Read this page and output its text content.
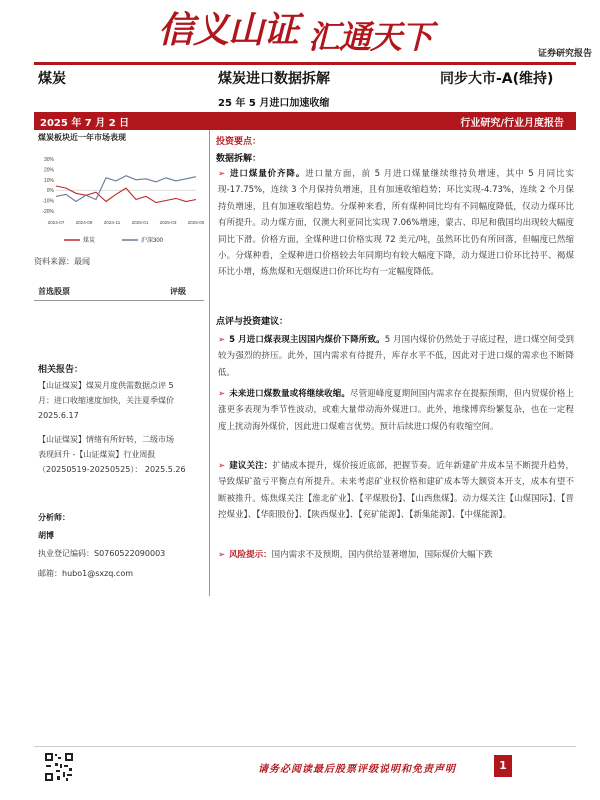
信义山证 汇通天下	证券研究报告
煤炭	煤炭进口数据拆解	同步大市-A(维持)
25 年 5 月进口加速收缩
2025 年 7 月 2 日	行业研究/行业月度报告
煤炭板块近一年市场表现
30%
20%
10%
0%
-10%
-20%
2024-07 2024-09 2024-11 2025-01 2025-03 2025-05
煤炭	沪深300
资料来源：最闻
首选股票	评级
相关报告：
【山证煤炭】煤炭月度供需数据点评 5
月：进口收缩速度加快，关注夏季煤价
2025.6.17
【山证煤炭】情绪有所好转，二级市场
表现回升 -【山证煤炭】行业周报
（20250519-20250525）： 2025.5.26
分析师：
胡博
执业登记编码：S0760522090003
邮箱：hubo1@sxzq.com
投资要点：
数据拆解：
➢ 进口煤量价齐降。进口量方面，前 5 月进口煤量继续维持负增速，其中 5 月同比实现-17.75%，连续 3 个月保持负增速，且有加速收缩趋势；环比实现-4.73%，连续 2 个月保持负增速，且有加速收缩趋势。分煤种来看，所有煤种同比均有不同幅度降低，仅动力煤环比有所提升。动力煤方面，仅澳大利亚同比实现 7.06%增速，蒙古、印尼和俄国均出现较大幅度同比下滑。价格方面，全煤种进口价格实现 72 美元/吨，虽然环比仍有所回落，但幅度已然缩小。分煤种看，全煤种进口价格较去年同期均有较大幅度下降，动力煤进口价环比持平、褐煤环比小增，炼焦煤和无烟煤进口价环比均有一定幅度降低。
点评与投资建议：
➢ 5 月进口煤表现主因国内煤价下降所致。5 月国内煤价仍然处于寻底过程，进口煤空间受到较为强烈的挤压。此外，国内需求有待提升，库存水平不低，因此对于进口煤的需求也不断降低。
➢ 未来进口煤数量或将继续收缩。尽管迎峰度夏期间国内需求存在提振预期，但内贸煤价格上涨更多表现为季节性波动，或难大量带动海外煤进口。此外，地缘博弈纷繁复杂，也在一定程度上扰动海外煤价，因此进口煤难言优势。预计后续进口煤仍有收缩空间。
➢ 建议关注：扩储成本提升，煤价接近底部，把握节奏。近年新建矿井成本呈不断提升趋势，导致煤矿盈亏平衡点有所提升。未来考虑矿业权价格和建矿成本等大额资本开支，成本有望不断被推升。炼焦煤关注【淮北矿业】、【平煤股份】、【山西焦煤】。动力煤关注【山煤国际】、【晋控煤业】、【华阳股份】、【陕西煤业】、【兖矿能源】、【新集能源】、【中煤能源】。
➢ 风险提示：国内需求不及预期，国内供给显著增加，国际煤价大幅下跌
请务必阅读最后股票评级说明和免责声明	1
